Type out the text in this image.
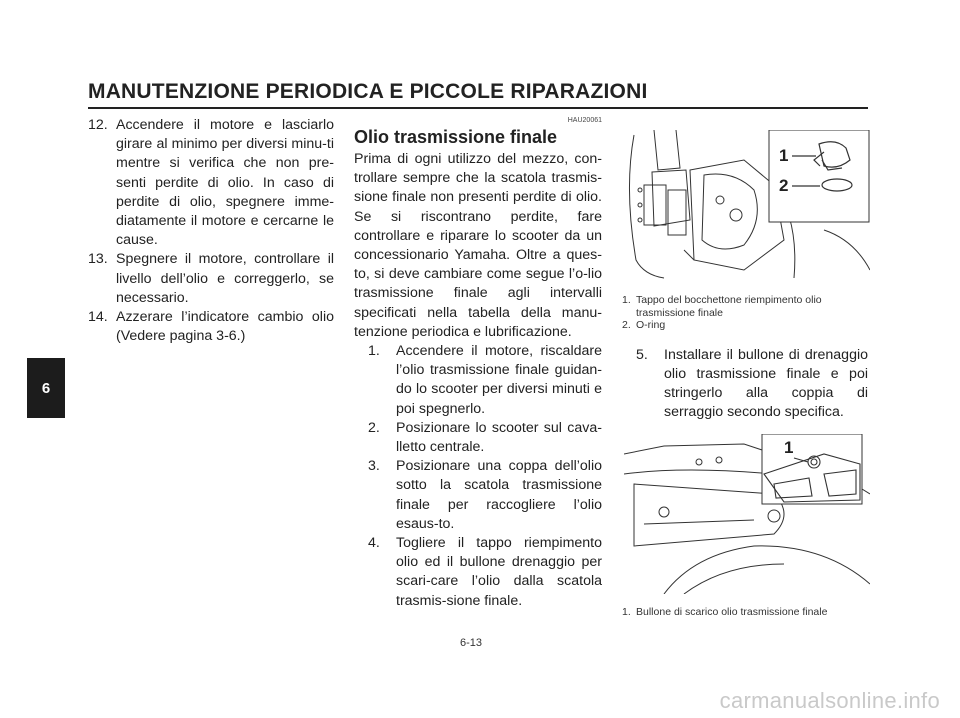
MANUTENZIONE PERIODICA E PICCOLE RIPARAZIONI
6
12. Accendere il motore e lasciarlo girare al minimo per diversi minu-ti mentre si verifica che non pre-senti perdite di olio. In caso di perdite di olio, spegnere imme-diatamente il motore e cercarne le cause.
13. Spegnere il motore, controllare il livello dell’olio e correggerlo, se necessario.
14. Azzerare l’indicatore cambio olio (Vedere pagina 3-6.)
HAU20061
Olio trasmissione finale
Prima di ogni utilizzo del mezzo, con-trollare sempre che la scatola trasmis-sione finale non presenti perdite di olio. Se si riscontrano perdite, fare controllare e riparare lo scooter da un concessionario Yamaha. Oltre a ques-to, si deve cambiare come segue l’o-lio trasmissione finale agli intervalli specificati nella tabella della manu-tenzione periodica e lubrificazione.
1. Accendere il motore, riscaldare l’olio trasmissione finale guidan-do lo scooter per diversi minuti e poi spegnerlo.
2. Posizionare lo scooter sul cava-lletto centrale.
3. Posizionare una coppa dell’olio sotto la scatola trasmissione finale per raccogliere l’olio esaus-to.
4. Togliere il tappo riempimento olio ed il bullone drenaggio per scari-care l’olio dalla scatola trasmis-sione finale.
1
2
1. Tappo del bocchettone riempimento olio trasmissione finale
2. O-ring
5. Installare il bullone di drenaggio olio trasmissione finale e poi stringerlo alla coppia di serraggio secondo specifica.
1
1. Bullone di scarico olio trasmissione finale
6-13
carmanualsonline.info
